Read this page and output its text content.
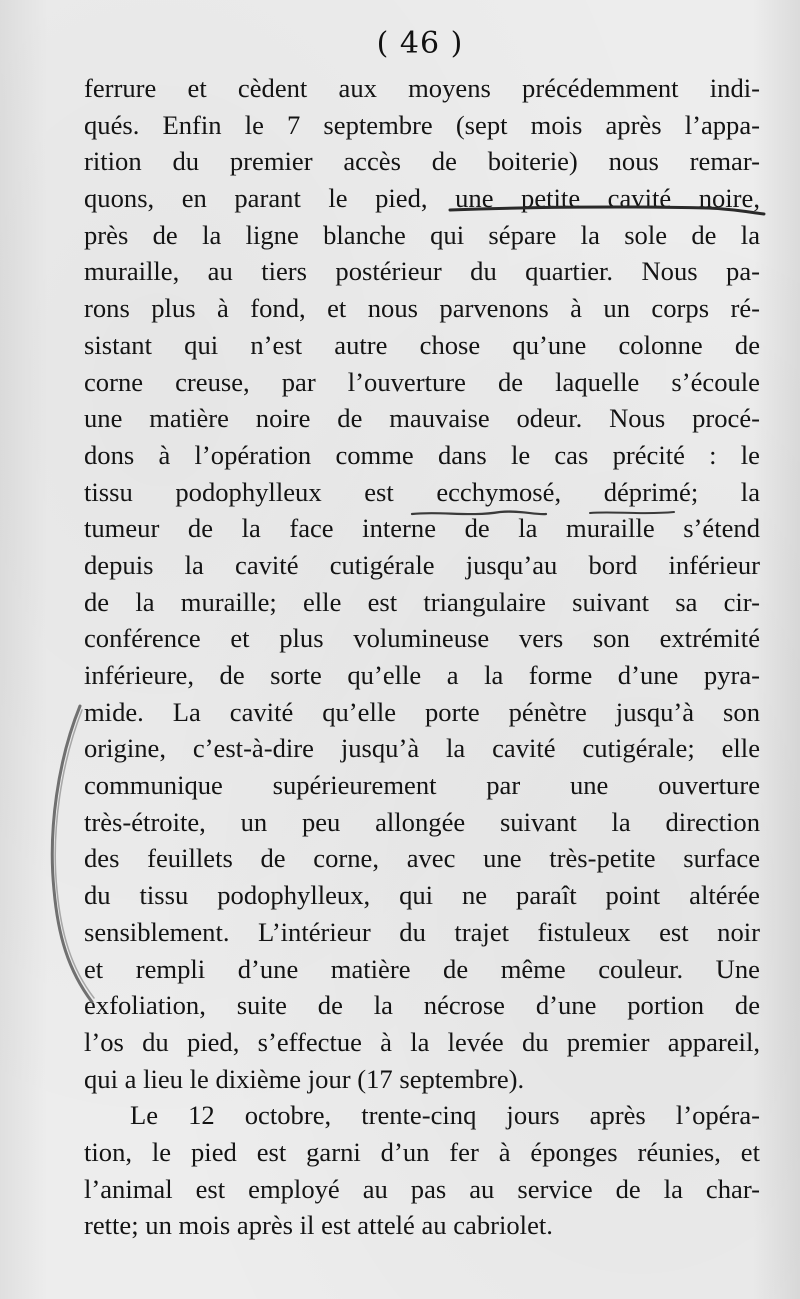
( 46 )
ferrure et cèdent aux moyens précédemment indi-
qués. Enfin le 7 septembre (sept mois après l’appa-
rition du premier accès de boiterie) nous remar-
quons, en parant le pied, une petite cavité noire,
près de la ligne blanche qui sépare la sole de la
muraille, au tiers postérieur du quartier. Nous pa-
rons plus à fond, et nous parvenons à un corps ré-
sistant qui n’est autre chose qu’une colonne de
corne creuse, par l’ouverture de laquelle s’écoule
une matière noire de mauvaise odeur. Nous procé-
dons à l’opération comme dans le cas précité : le
tissu podophylleux est ecchymosé, déprimé; la
tumeur de la face interne de la muraille s’étend
depuis la cavité cutigérale jusqu’au bord inférieur
de la muraille; elle est triangulaire suivant sa cir-
conférence et plus volumineuse vers son extrémité
inférieure, de sorte qu’elle a la forme d’une pyra-
mide. La cavité qu’elle porte pénètre jusqu’à son
origine, c’est-à-dire jusqu’à la cavité cutigérale; elle
communique supérieurement par une ouverture
très-étroite, un peu allongée suivant la direction
des feuillets de corne, avec une très-petite surface
du tissu podophylleux, qui ne paraît point altérée
sensiblement. L’intérieur du trajet fistuleux est noir
et rempli d’une matière de même couleur. Une
exfoliation, suite de la nécrose d’une portion de
l’os du pied, s’effectue à la levée du premier appareil,
qui a lieu le dixième jour (17 septembre).
Le 12 octobre, trente-cinq jours après l’opéra-
tion, le pied est garni d’un fer à éponges réunies, et
l’animal est employé au pas au service de la char-
rette; un mois après il est attelé au cabriolet.
